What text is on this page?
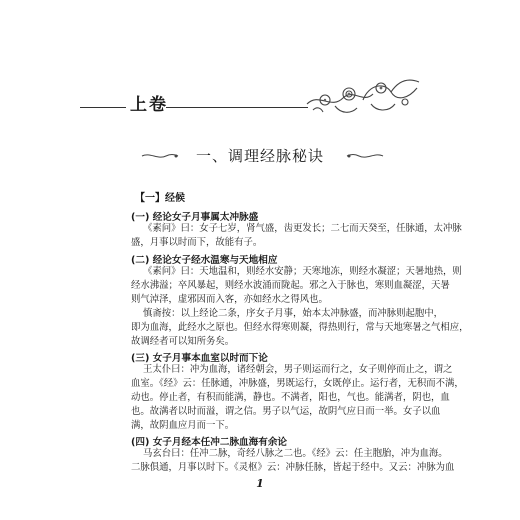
上卷
一、调理经脉秘诀
【一】经候
(一) 经论女子月事属太冲脉盛
《素问》曰：女子七岁，肾气盛，齿更发长；二七而天癸至，任脉通，太冲脉
盛，月事以时而下，故能有子。
(二) 经论女子经水温寒与天地相应
《素问》曰：天地温和，则经水安静；天寒地冻，则经水凝涩；天暑地热，则
经水沸溢；卒风暴起，则经水波涌而陇起。邪之入于脉也，寒则血凝涩，天暑
则气淖泽，虚邪因而入客，亦如经水之得风也。
慎斋按：以上经论二条，序女子月事，始本太冲脉盛，而冲脉则起胞中，
即为血海，此经水之原也。但经水得寒则凝，得热则行，常与天地寒暑之气相应，
故调经者可以知所务矣。
(三) 女子月事本血室以时而下论
王太仆曰：冲为血海，诸经朝会，男子则运而行之，女子则停而止之，谓之
血室。《经》云：任脉通，冲脉盛，男既运行，女既停止。运行者，无积而不满，
动也。停止者，有积而能满，静也。不满者，阳也，气也。能满者，阴也，血
也。故满者以时而溢，谓之信。男子以气运，故阴气应日而一举。女子以血
满，故阴血应月而一下。
(四) 女子月经本任冲二脉血海有余论
马玄台曰：任冲二脉，奇经八脉之二也。《经》云：任主胞胎，冲为血海。
二脉俱通，月事以时下。《灵枢》云：冲脉任脉，皆起于经中。又云：冲脉为血
1
